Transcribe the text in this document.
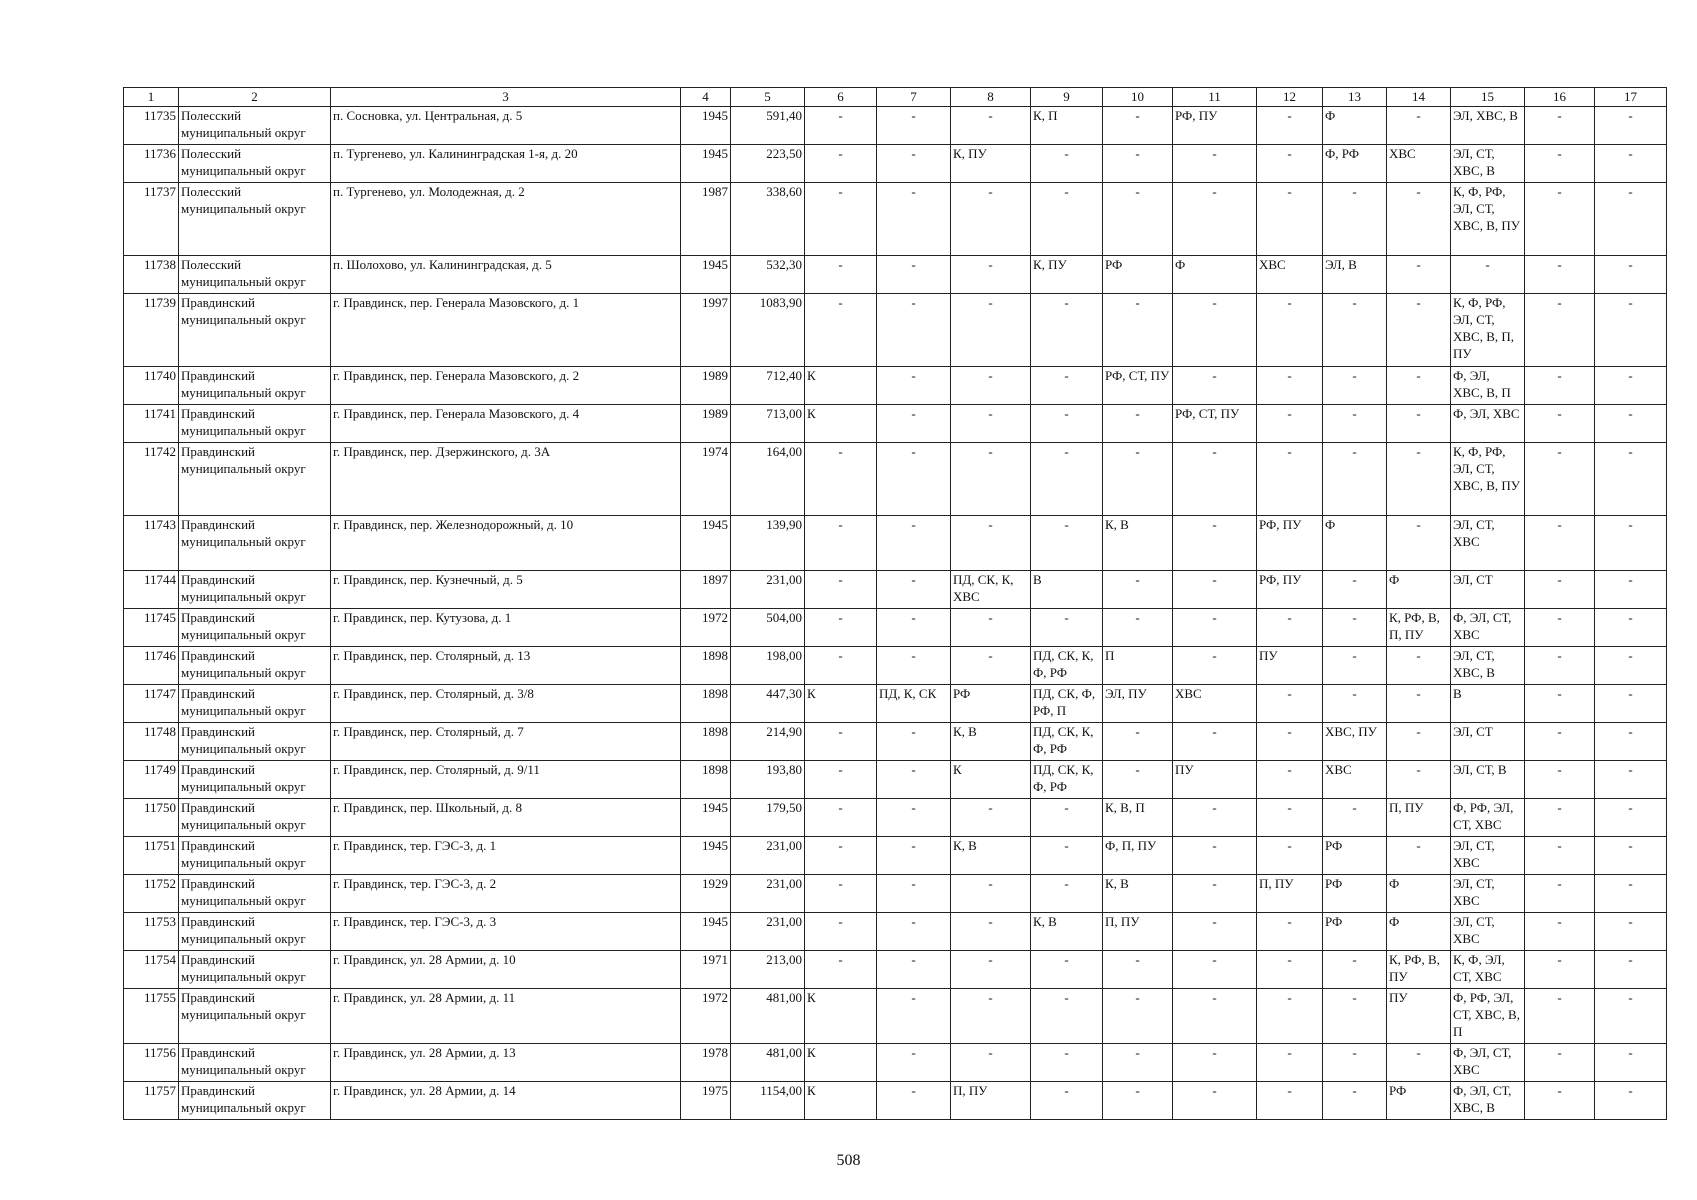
1	2	3	4	5	6	7	8	9	10	11	12	13	14	15	16	17
11735	Полесский муниципальный округ	п. Сосновка, ул. Центральная, д. 5	1945	591,40	-	-	-	К, П	-	РФ, ПУ	-	Ф	-	ЭЛ, ХВС, В	-	-
11736	Полесский муниципальный округ	п. Тургенево, ул. Калининградская 1-я, д. 20	1945	223,50	-	-	К, ПУ	-	-	-	-	Ф, РФ	ХВС	ЭЛ, СТ, ХВС, В	-	-
11737	Полесский муниципальный округ	п. Тургенево, ул. Молодежная, д. 2	1987	338,60	-	-	-	-	-	-	-	-	-	К, Ф, РФ, ЭЛ, СТ, ХВС, В, ПУ	-	-
11738	Полесский муниципальный округ	п. Шолохово, ул. Калининградская, д. 5	1945	532,30	-	-	-	К, ПУ	РФ	Ф	ХВС	ЭЛ, В	-	-	-	-
11739	Правдинский муниципальный округ	г. Правдинск, пер. Генерала Мазовского, д. 1	1997	1083,90	-	-	-	-	-	-	-	-	-	К, Ф, РФ, ЭЛ, СТ, ХВС, В, П, ПУ	-	-
11740	Правдинский муниципальный округ	г. Правдинск, пер. Генерала Мазовского, д. 2	1989	712,40	К	-	-	-	РФ, СТ, ПУ	-	-	-	-	Ф, ЭЛ, ХВС, В, П	-	-
11741	Правдинский муниципальный округ	г. Правдинск, пер. Генерала Мазовского, д. 4	1989	713,00	К	-	-	-	-	РФ, СТ, ПУ	-	-	-	Ф, ЭЛ, ХВС	-	-
11742	Правдинский муниципальный округ	г. Правдинск, пер. Дзержинского, д. 3А	1974	164,00	-	-	-	-	-	-	-	-	-	К, Ф, РФ, ЭЛ, СТ, ХВС, В, ПУ	-	-
11743	Правдинский муниципальный округ	г. Правдинск, пер. Железнодорожный, д. 10	1945	139,90	-	-	-	-	К, В	-	РФ, ПУ	Ф	-	ЭЛ, СТ, ХВС	-	-
11744	Правдинский муниципальный округ	г. Правдинск, пер. Кузнечный, д. 5	1897	231,00	-	-	ПД, СК, К, ХВС	В	-	-	РФ, ПУ	-	Ф	ЭЛ, СТ	-	-
11745	Правдинский муниципальный округ	г. Правдинск, пер. Кутузова, д. 1	1972	504,00	-	-	-	-	-	-	-	-	К, РФ, В, П, ПУ	Ф, ЭЛ, СТ, ХВС	-	-
11746	Правдинский муниципальный округ	г. Правдинск, пер. Столярный, д. 13	1898	198,00	-	-	-	ПД, СК, К, Ф, РФ	П	-	ПУ	-	-	ЭЛ, СТ, ХВС, В	-	-
11747	Правдинский муниципальный округ	г. Правдинск, пер. Столярный, д. 3/8	1898	447,30	К	ПД, К, СК	РФ	ПД, СК, Ф, РФ, П	ЭЛ, ПУ	ХВС	-	-	-	В	-	-
11748	Правдинский муниципальный округ	г. Правдинск, пер. Столярный, д. 7	1898	214,90	-	-	К, В	ПД, СК, К, Ф, РФ	-	-	-	ХВС, ПУ	-	ЭЛ, СТ	-	-
11749	Правдинский муниципальный округ	г. Правдинск, пер. Столярный, д. 9/11	1898	193,80	-	-	К	ПД, СК, К, Ф, РФ	-	ПУ	-	ХВС	-	ЭЛ, СТ, В	-	-
11750	Правдинский муниципальный округ	г. Правдинск, пер. Школьный, д. 8	1945	179,50	-	-	-	-	К, В, П	-	-	-	П, ПУ	Ф, РФ, ЭЛ, СТ, ХВС	-	-
11751	Правдинский муниципальный округ	г. Правдинск, тер. ГЭС-3, д. 1	1945	231,00	-	-	К, В	-	Ф, П, ПУ	-	-	РФ	-	ЭЛ, СТ, ХВС	-	-
11752	Правдинский муниципальный округ	г. Правдинск, тер. ГЭС-3, д. 2	1929	231,00	-	-	-	-	К, В	-	П, ПУ	РФ	Ф	ЭЛ, СТ, ХВС	-	-
11753	Правдинский муниципальный округ	г. Правдинск, тер. ГЭС-3, д. 3	1945	231,00	-	-	-	К, В	П, ПУ	-	-	РФ	Ф	ЭЛ, СТ, ХВС	-	-
11754	Правдинский муниципальный округ	г. Правдинск, ул. 28 Армии, д. 10	1971	213,00	-	-	-	-	-	-	-	-	К, РФ, В, ПУ	К, Ф, ЭЛ, СТ, ХВС	-	-
11755	Правдинский муниципальный округ	г. Правдинск, ул. 28 Армии, д. 11	1972	481,00	К	-	-	-	-	-	-	-	ПУ	Ф, РФ, ЭЛ, СТ, ХВС, В, П	-	-
11756	Правдинский муниципальный округ	г. Правдинск, ул. 28 Армии, д. 13	1978	481,00	К	-	-	-	-	-	-	-	-	Ф, ЭЛ, СТ, ХВС	-	-
11757	Правдинский муниципальный округ	г. Правдинск, ул. 28 Армии, д. 14	1975	1154,00	К	-	П, ПУ	-	-	-	-	-	РФ	Ф, ЭЛ, СТ, ХВС, В	-	-
508
